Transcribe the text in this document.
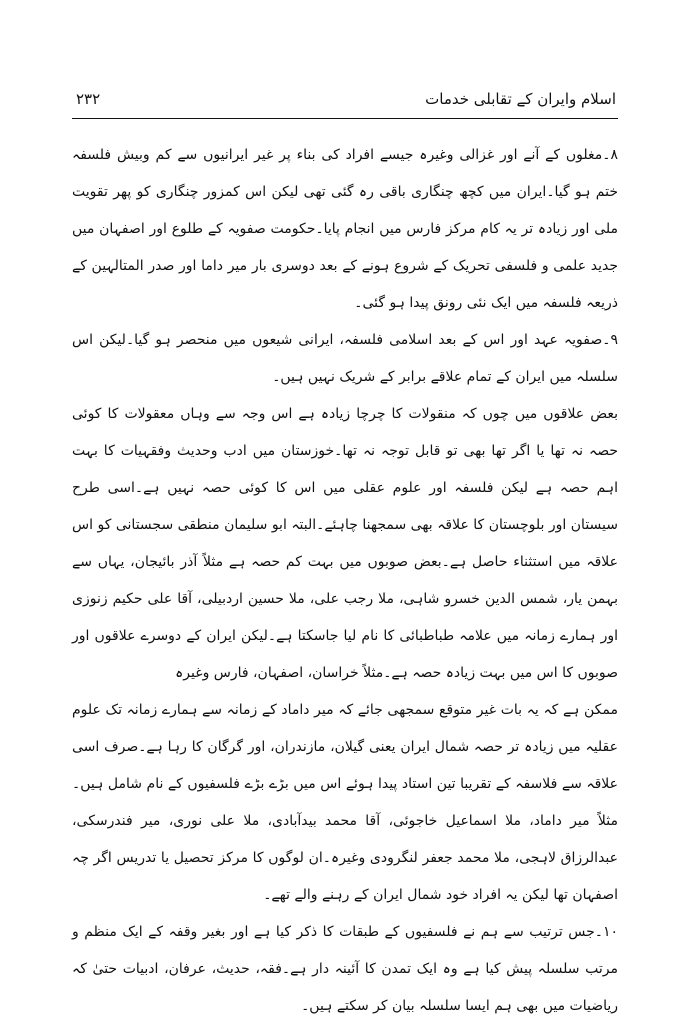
اسلام وایران کے تقابلی خدمات
۲۳۲

۸۔مغلوں کے آنے اور غزالی وغیرہ جیسے افراد کی بناء پر غیر ایرانیوں سے کم وبیش فلسفہ ختم ہو گیا۔ایران میں کچھ چنگاری باقی رہ گئی تھی لیکن اس کمزور چنگاری کو پھر تقویت ملی اور زیادہ تر یہ کام مرکز فارس میں انجام پایا۔حکومت صفویہ کے طلوع اور اصفہان میں جدید علمی و فلسفی تحریک کے شروع ہونے کے بعد دوسری بار میر داما اور صدر المتالہین کے ذریعہ فلسفہ میں ایک نئی رونق پیدا ہو گئی۔

۹۔صفویہ عہد اور اس کے بعد اسلامی فلسفہ، ایرانی شیعوں میں منحصر ہو گیا۔لیکن اس سلسلہ میں ایران کے تمام علاقے برابر کے شریک نہیں ہیں۔

بعض علاقوں میں چوں کہ منقولات کا چرچا زیادہ ہے اس وجہ سے وہاں معقولات کا کوئی حصہ نہ تھا یا اگر تھا بھی تو قابل توجہ نہ تھا۔خوزستان میں ادب وحدیث وفقہیات کا بہت اہم حصہ ہے لیکن فلسفہ اور علوم عقلی میں اس کا کوئی حصہ نہیں ہے۔اسی طرح سیستان اور بلوچستان کا علاقہ بھی سمجھنا چاہئے۔البتہ ابو سلیمان منطقی سجستانی کو اس علاقہ میں استثناء حاصل ہے۔بعض صوبوں میں بہت کم حصہ ہے مثلاً آذر بائیجان، یہاں سے بہمن یار، شمس الدین خسرو شاہی، ملا رجب علی، ملا حسین اردبیلی، آقا علی حکیم زنوزی اور ہمارے زمانہ میں علامہ طباطبائی کا نام لیا جاسکتا ہے۔لیکن ایران کے دوسرے علاقوں اور صوبوں کا اس میں بہت زیادہ حصہ ہے۔مثلاً خراسان، اصفہان، فارس وغیرہ

ممکن ہے کہ یہ بات غیر متوقع سمجھی جائے کہ میر داماد کے زمانہ سے ہمارے زمانہ تک علوم عقلیہ میں زیادہ تر حصہ شمال ایران یعنی گیلان، مازندران، اور گرگان کا رہا ہے۔صرف اسی علاقہ سے فلاسفہ کے تقریبا تین استاد پیدا ہوئے اس میں بڑے بڑے فلسفیوں کے نام شامل ہیں۔مثلاً میر داماد، ملا اسماعیل خاجوئی، آقا محمد بیدآبادی، ملا علی نوری، میر فندرسکی، عبدالرزاق لاہجی، ملا محمد جعفر لنگرودی وغیرہ۔ان لوگوں کا مرکز تحصیل یا تدریس اگر چہ اصفہان تھا لیکن یہ افراد خود شمال ایران کے رہنے والے تھے۔

۱۰۔جس ترتیب سے ہم نے فلسفیوں کے طبقات کا ذکر کیا ہے اور بغیر وقفہ کے ایک منظم و مرتب سلسلہ پیش کیا ہے وہ ایک تمدن کا آئینہ دار ہے۔فقہ، حدیث، عرفان، ادبیات حتیٰ کہ ریاضیات میں بھی ہم ایسا سلسلہ بیان کر سکتے ہیں۔
